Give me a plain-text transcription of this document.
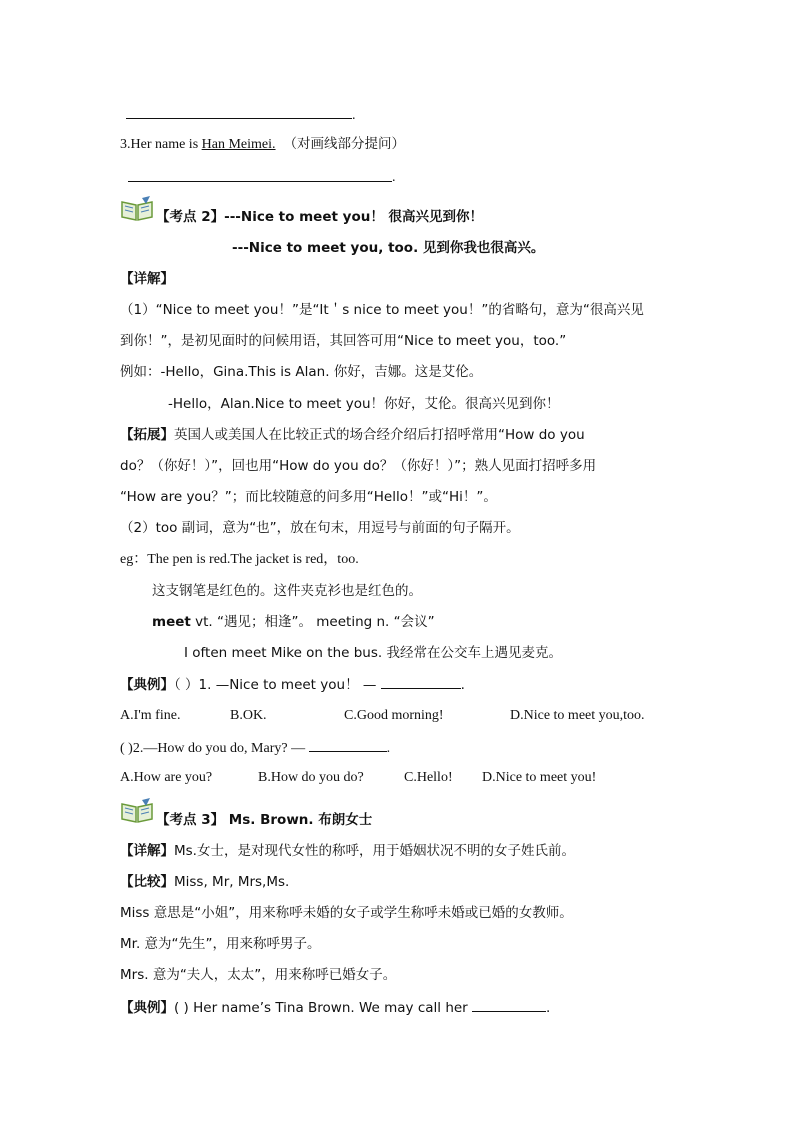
.
3.Her name is Han Meimei. （对画线部分提问）
.
【考点 2】---Nice to meet you！ 很高兴见到你！
---Nice to meet you, too. 见到你我也很高兴。
【详解】
（1）“Nice to meet you！”是“It＇s nice to meet you！”的省略句，意为“很高兴见
到你！”，是初见面时的问候用语，其回答可用“Nice to meet you，too.”
例如：-Hello，Gina.This is Alan. 你好，吉娜。这是艾伦。
-Hello，Alan.Nice to meet you！你好，艾伦。很高兴见到你！
【拓展】英国人或美国人在比较正式的场合经介绍后打招呼常用“How do you
do？（你好！）”，回也用“How do you do？（你好！）”；熟人见面打招呼多用
“How are you？”；而比较随意的问多用“Hello！”或“Hi！”。
（2）too 副词，意为“也”，放在句末，用逗号与前面的句子隔开。
eg：The pen is red.The jacket is red，too.
这支钢笔是红色的。这件夹克衫也是红色的。
meet vt. “遇见；相逢”。 meeting n. “会议”
I often meet Mike on the bus. 我经常在公交车上遇见麦克。
【典例】（ ）1. —Nice to meet you！ —	.
A.I'm fine.	B.OK.	C.Good morning!	D.Nice to meet you,too.
( )2.—How do you do, Mary? —	.
A.How are you?	B.How do you do?	C.Hello! D.Nice to meet you!
【考点 3】 Ms. Brown. 布朗女士
【详解】Ms.女士，是对现代女性的称呼，用于婚姻状况不明的女子姓氏前。
【比较】Miss, Mr, Mrs,Ms.
Miss 意思是“小姐”，用来称呼未婚的女子或学生称呼未婚或已婚的女教师。
Mr. 意为“先生”，用来称呼男子。
Mrs. 意为“夫人，太太”，用来称呼已婚女子。
【典例】( ) Her name’s Tina Brown. We may call her	.
